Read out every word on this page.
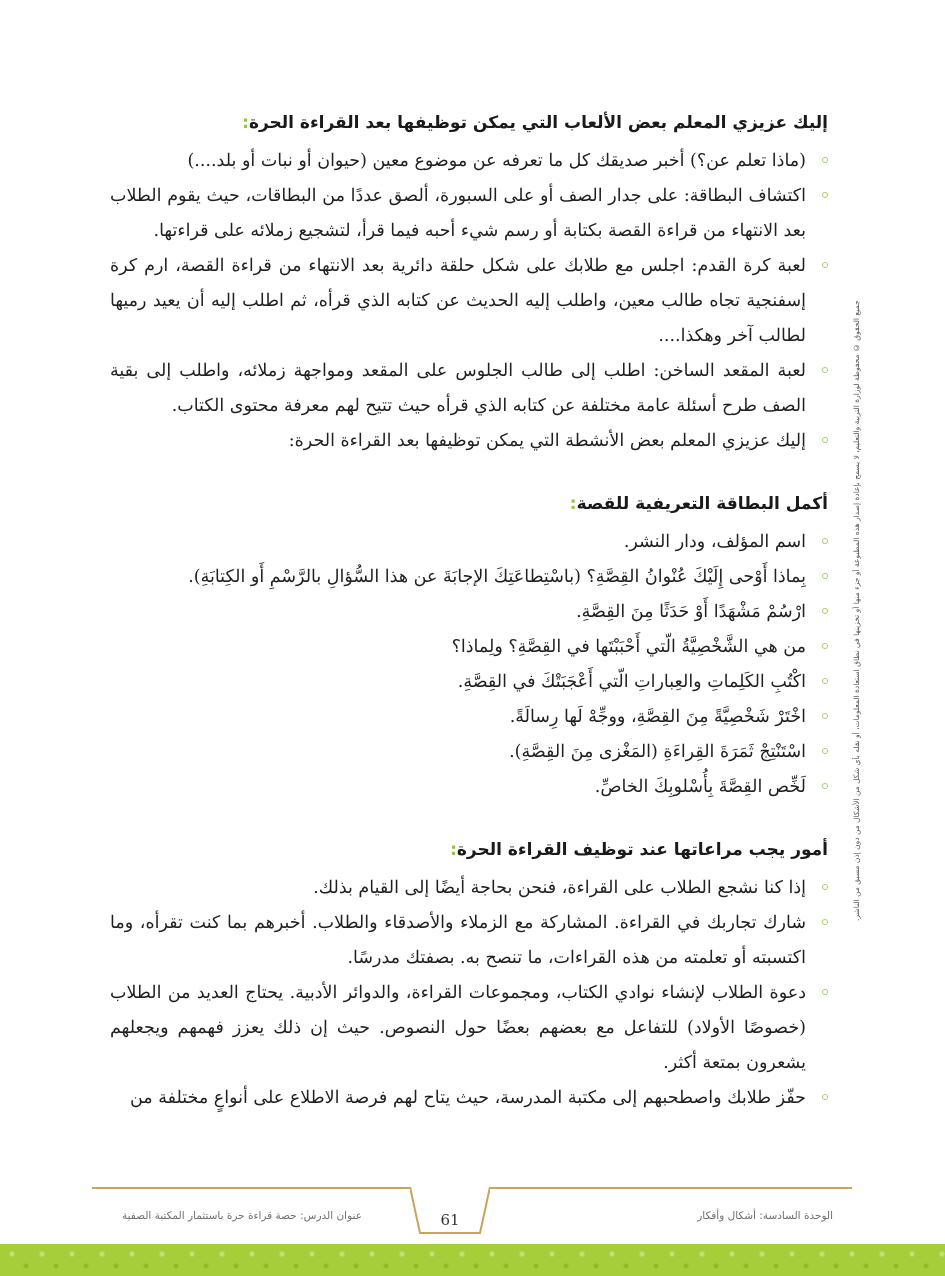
إليك عزيزي المعلم بعض الألعاب التي يمكن توظيفها بعد القراءة الحرة:
(ماذا تعلم عن؟) أخبر صديقك كل ما تعرفه عن موضوع معين (حيوان أو نبات أو بلد....)
اكتشاف البطاقة: على جدار الصف أو على السبورة، ألصق عددًا من البطاقات، حيث يقوم الطلاب بعد الانتهاء من قراءة القصة بكتابة أو رسم شيء أحبه فيما قرأ، لتشجيع زملائه على قراءتها.
لعبة كرة القدم: اجلس مع طلابك على شكل حلقة دائرية بعد الانتهاء من قراءة القصة، ارم كرة إسفنجية تجاه طالب معين، واطلب إليه الحديث عن كتابه الذي قرأه، ثم اطلب إليه أن يعيد رميها لطالب آخر وهكذا....
لعبة المقعد الساخن: اطلب إلى طالب الجلوس على المقعد ومواجهة زملائه، واطلب إلى بقية الصف طرح أسئلة عامة مختلفة عن كتابه الذي قرأه حيث تتيح لهم معرفة محتوى الكتاب.
إليك عزيزي المعلم بعض الأنشطة التي يمكن توظيفها بعد القراءة الحرة:
أكمل البطاقة التعريفية للقصة:
اسم المؤلف، ودار النشر.
بِماذا أَوْحى إِلَيْكَ عُنْوانُ القِصَّةِ؟ (باسْتِطاعَتِكَ الإجابَةَ عن هذا السُّؤالِ بالرَّسْمِ أَو الكِتابَةِ).
ارْسُمْ مَشْهَدًا أَوْ حَدَثًا مِنَ القِصَّةِ.
من هي الشَّخْصِيَّةُ الّتي أَحْبَبْتَها في القِصَّةِ؟ ولِماذا؟
اكْتُبِ الكَلِماتِ والعِباراتِ الّتي أَعْجَبَتْكَ في القِصَّةِ.
اخْتَرْ شَخْصِيَّةً مِنَ القِصَّةِ، ووجِّهْ لَها رِسالَةً.
اسْتَنْتِجْ ثَمَرَةَ القِراءَةِ (المَغْزى مِنَ القِصَّةِ).
لَخِّص القِصَّةَ بِأُسْلوبِكَ الخاصِّ.
أمور يجب مراعاتها عند توظيف القراءة الحرة:
إذا كنا نشجع الطلاب على القراءة، فنحن بحاجة أيضًا إلى القيام بذلك.
شارك تجاربك في القراءة. المشاركة مع الزملاء والأصدقاء والطلاب. أخبرهم بما كنت تقرأه، وما اكتسبته أو تعلمته من هذه القراءات، ما تنصح به. بصفتك مدرسًا.
دعوة الطلاب لإنشاء نوادي الكتاب، ومجموعات القراءة، والدوائر الأدبية. يحتاج العديد من الطلاب (خصوصًا الأولاد) للتفاعل مع بعضهم بعضًا حول النصوص. حيث إن ذلك يعزز فهمهم ويجعلهم يشعرون بمتعة أكثر.
حفّز طلابك واصطحبهم إلى مكتبة المدرسة، حيث يتاح لهم فرصة الاطلاع على أنواعٍ مختلفة من
جميع الحقوق © محفوظة لوزارة التربية والتعليم، لا يسمح بإعادة إصدار هذه المطبوعة أو جزء منها أو تخزينها في نطاق استعادة المعلومات، أو نقله بأي شكل من الأشكال من دون إذن مسبق من الناشر.
61	الوحدة السادسة: أشكال وأفكار
عنوان الدرس: حصة قراءة حرة باستثمار المكتبة الصفية
